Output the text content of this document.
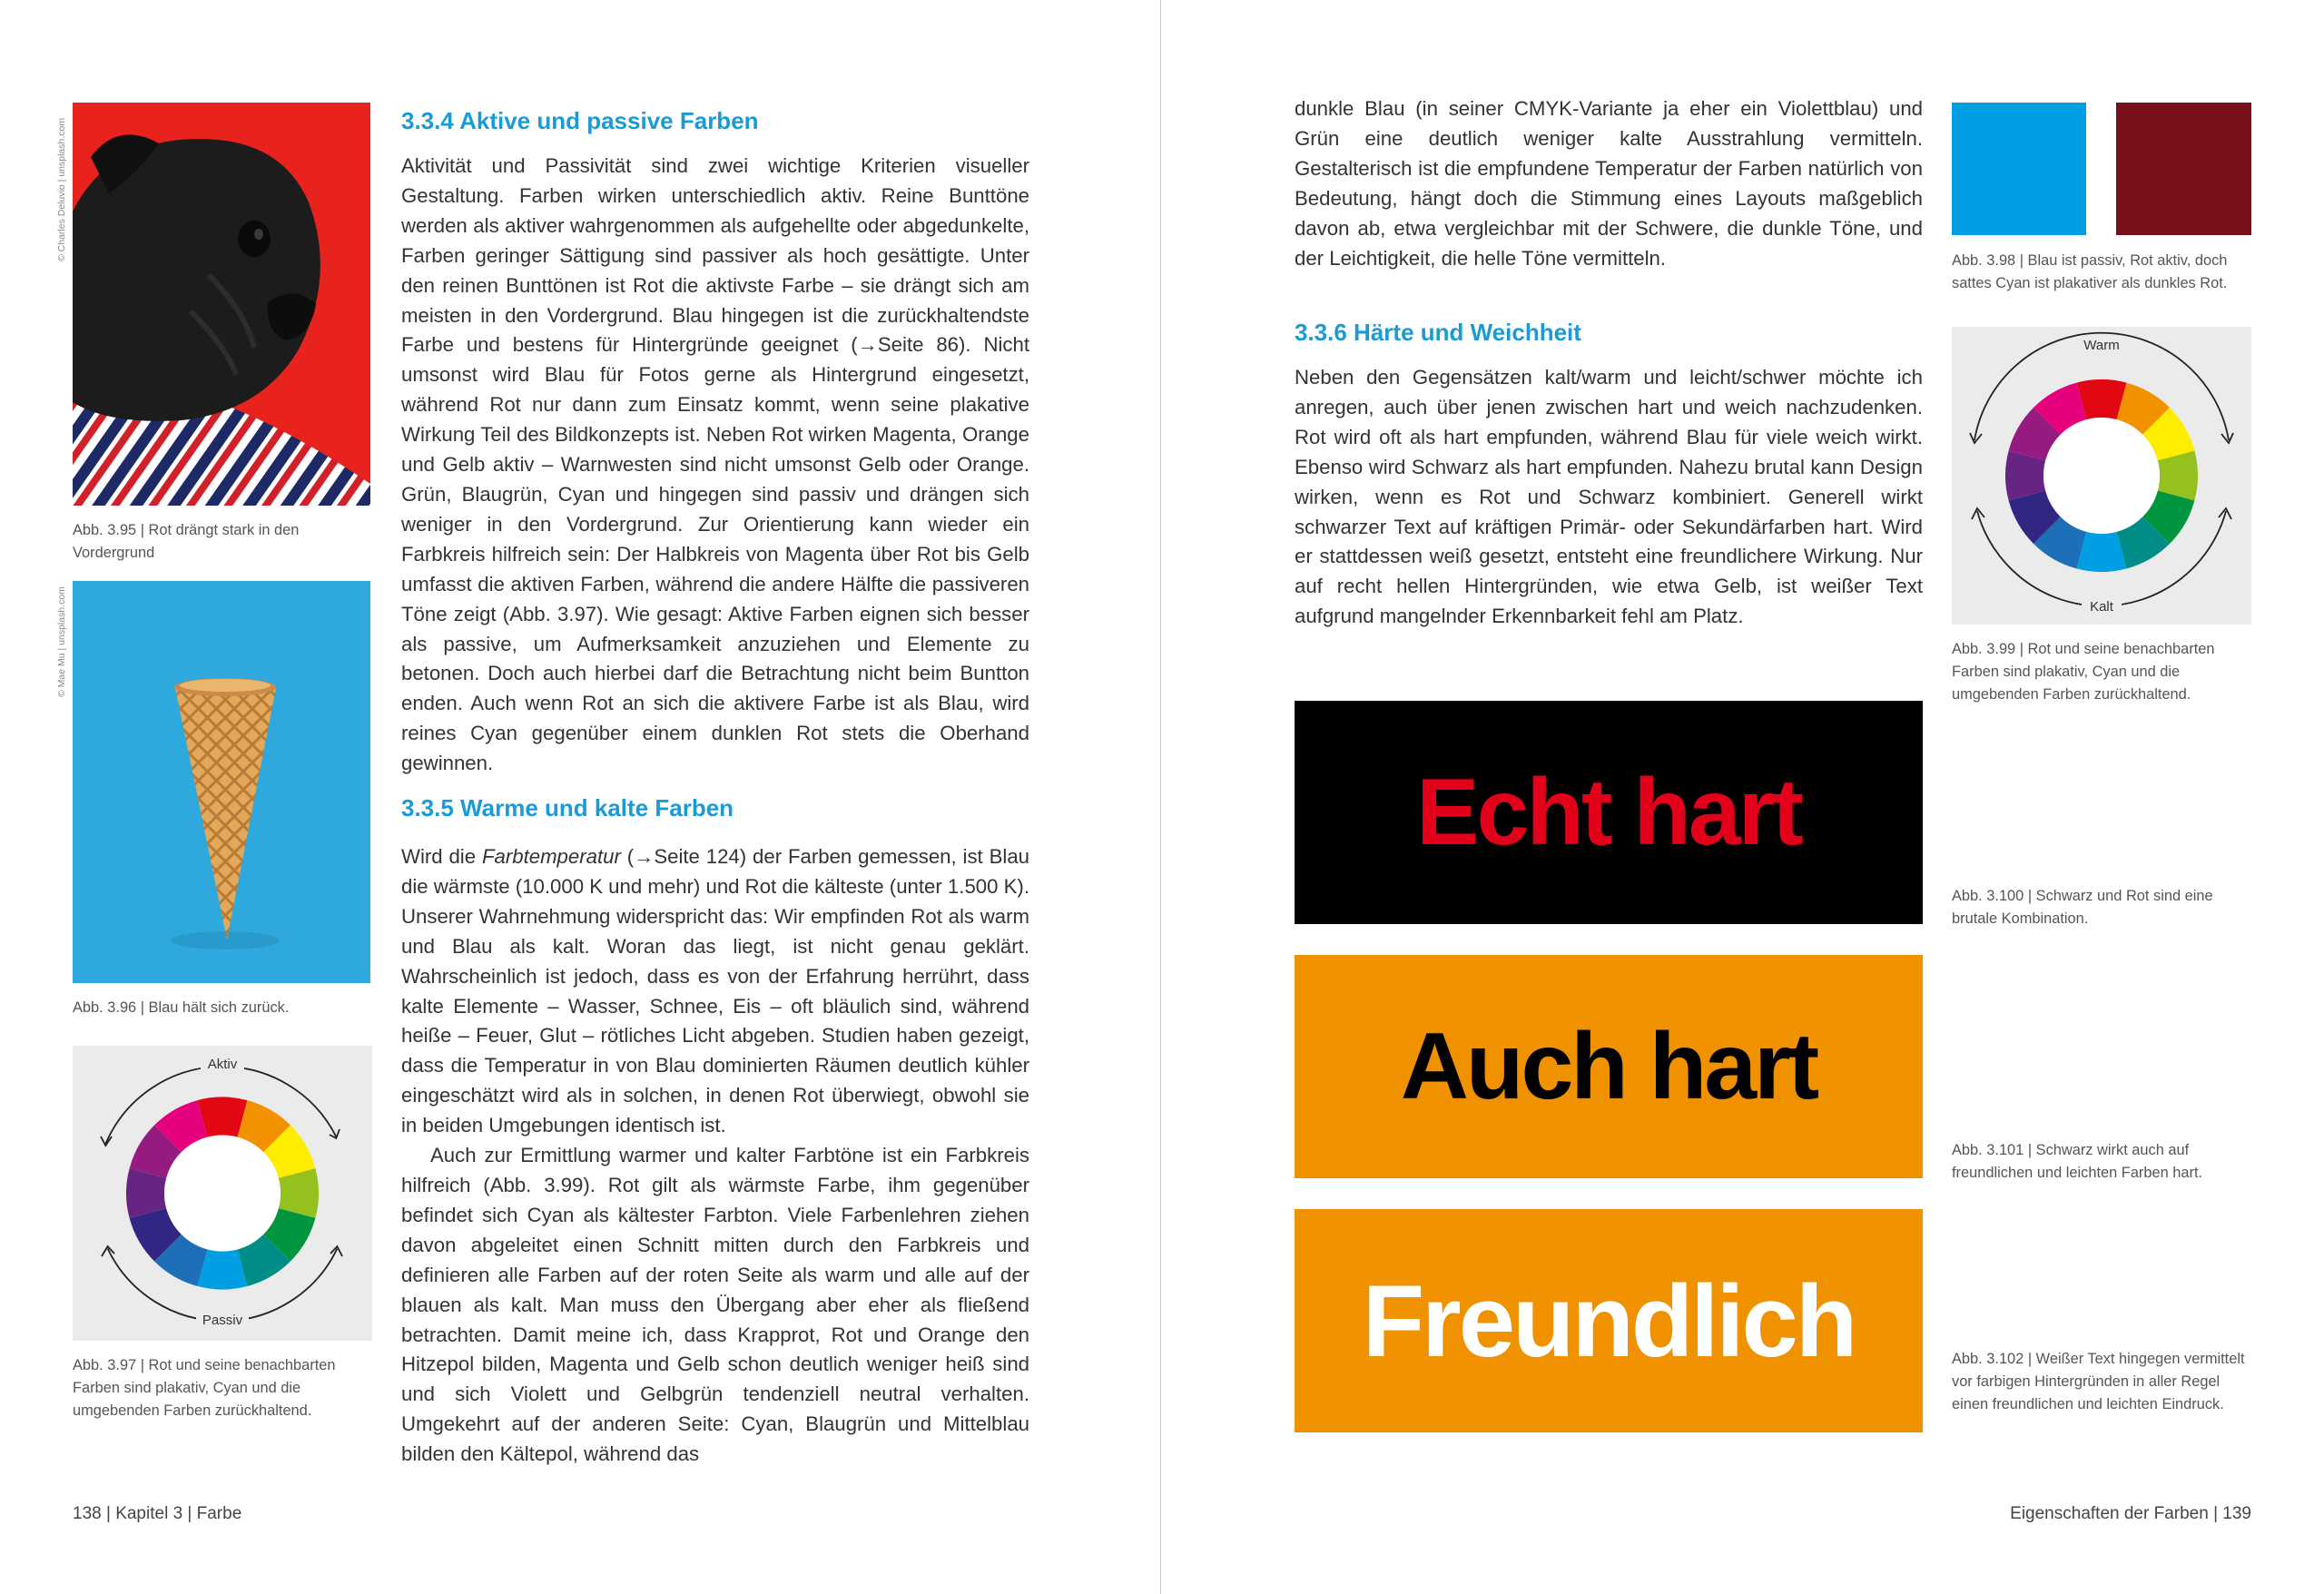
© Charles Deluvio | unsplash.com
© Mae Mu | unsplash.com
Abb. 3.95 | Rot drängt stark in den Vordergrund
Abb. 3.96 | Blau hält sich zurück.
Aktiv
Passiv
Abb. 3.97 | Rot und seine benachbarten Farben sind plakativ, Cyan und die umgebenden Farben zurückhaltend.
3.3.4 Aktive und passive Farben

Aktivität und Passivität sind zwei wichtige Kriterien visueller Gestaltung. Farben wirken unterschiedlich aktiv. Reine Bunttöne werden als aktiver wahrgenommen als aufgehellte oder abgedunkelte, Farben geringer Sättigung sind passiver als hoch gesättigte. Unter den reinen Bunttönen ist Rot die aktivste Farbe – sie drängt sich am meisten in den Vordergrund. Blau hingegen ist die zurückhaltendste Farbe und bestens für Hintergründe geeignet (→Seite 86). Nicht umsonst wird Blau für Fotos gerne als Hintergrund eingesetzt, während Rot nur dann zum Einsatz kommt, wenn seine plakative Wirkung Teil des Bildkonzepts ist. Neben Rot wirken Magenta, Orange und Gelb aktiv – Warnwesten sind nicht umsonst Gelb oder Orange. Grün, Blaugrün, Cyan und hingegen sind passiv und drängen sich weniger in den Vordergrund. Zur Orientierung kann wieder ein Farbkreis hilfreich sein: Der Halbkreis von Magenta über Rot bis Gelb umfasst die aktiven Farben, während die andere Hälfte die passiveren Töne zeigt (Abb. 3.97). Wie gesagt: Aktive Farben eignen sich besser als passive, um Aufmerksamkeit anzuziehen und Elemente zu betonen. Doch auch hierbei darf die Betrachtung nicht beim Buntton enden. Auch wenn Rot an sich die aktivere Farbe ist als Blau, wird reines Cyan gegenüber einem dunklen Rot stets die Oberhand gewinnen.

3.3.5 Warme und kalte Farben

Wird die Farbtemperatur (→Seite 124) der Farben gemessen, ist Blau die wärmste (10.000 K und mehr) und Rot die kälteste (unter 1.500 K). Unserer Wahrnehmung widerspricht das: Wir empfinden Rot als warm und Blau als kalt. Woran das liegt, ist nicht genau geklärt. Wahrscheinlich ist jedoch, dass es von der Erfahrung herrührt, dass kalte Elemente – Wasser, Schnee, Eis – oft bläulich sind, während heiße – Feuer, Glut – rötliches Licht abgeben. Studien haben gezeigt, dass die Temperatur in von Blau dominierten Räumen deutlich kühler eingeschätzt wird als in solchen, in denen Rot überwiegt, obwohl sie in beiden Umgebungen identisch ist.

Auch zur Ermittlung warmer und kalter Farbtöne ist ein Farbkreis hilfreich (Abb. 3.99). Rot gilt als wärmste Farbe, ihm gegenüber befindet sich Cyan als kältester Farbton. Viele Farbenlehren ziehen davon abgeleitet einen Schnitt mitten durch den Farbkreis und definieren alle Farben auf der roten Seite als warm und alle auf der blauen als kalt. Man muss den Übergang aber eher als fließend betrachten. Damit meine ich, dass Krapprot, Rot und Orange den Hitzepol bilden, Magenta und Gelb schon deutlich weniger heiß sind und sich Violett und Gelbgrün tendenziell neutral verhalten. Umgekehrt auf der anderen Seite: Cyan, Blaugrün und Mittelblau bilden den Kältepol, während das

138 | Kapitel 3 | Farbe

dunkle Blau (in seiner CMYK-Variante ja eher ein Violettblau) und Grün eine deutlich weniger kalte Ausstrahlung vermitteln. Gestalterisch ist die empfundene Temperatur der Farben natürlich von Bedeutung, hängt doch die Stimmung eines Layouts maßgeblich davon ab, etwa vergleichbar mit der Schwere, die dunkle Töne, und der Leichtigkeit, die helle Töne vermitteln.

3.3.6 Härte und Weichheit

Neben den Gegensätzen kalt/warm und leicht/schwer möchte ich anregen, auch über jenen zwischen hart und weich nachzudenken. Rot wird oft als hart empfunden, während Blau für viele weich wirkt. Ebenso wird Schwarz als hart empfunden. Nahezu brutal kann Design wirken, wenn es Rot und Schwarz kombiniert. Generell wirkt schwarzer Text auf kräftigen Primär- oder Sekundärfarben hart. Wird er stattdessen weiß gesetzt, entsteht eine freundlichere Wirkung. Nur auf recht hellen Hintergründen, wie etwa Gelb, ist weißer Text aufgrund mangelnder Erkennbarkeit fehl am Platz.

Echt hart
Auch hart
Freundlich
Abb. 3.98 | Blau ist passiv, Rot aktiv, doch sattes Cyan ist plakativer als dunkles Rot.
Warm
Kalt
Abb. 3.99 | Rot und seine benachbarten Farben sind plakativ, Cyan und die umgebenden Farben zurückhaltend.
Abb. 3.100 | Schwarz und Rot sind eine brutale Kombination.
Abb. 3.101 | Schwarz wirkt auch auf freundlichen und leichten Farben hart.
Abb. 3.102 | Weißer Text hingegen vermittelt vor farbigen Hintergründen in aller Regel einen freundlichen und leichten Eindruck.
Eigenschaften der Farben | 139
